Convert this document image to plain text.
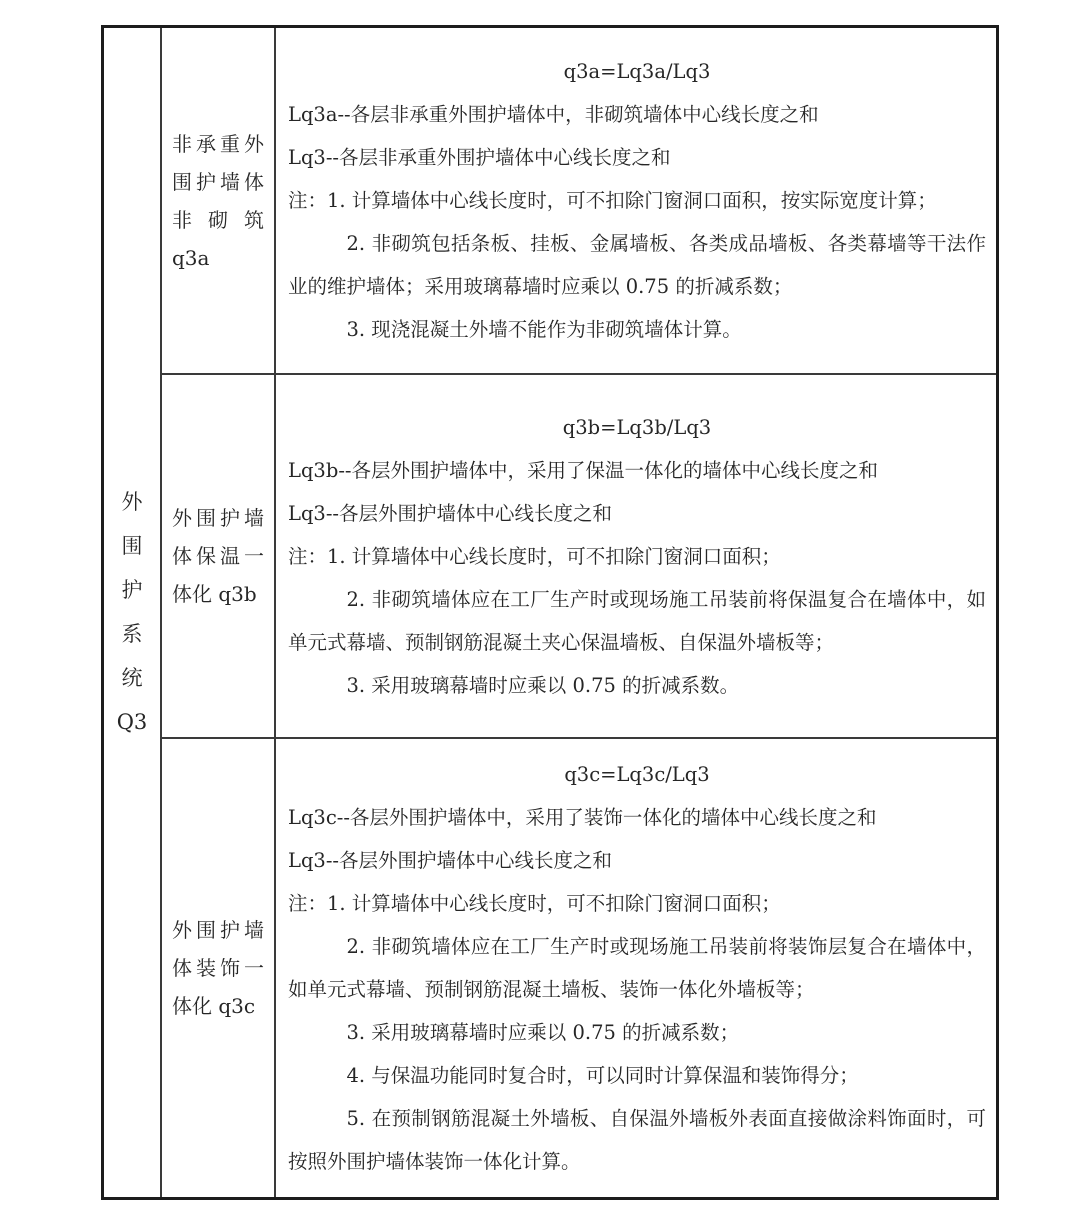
外
围
护
系
统
Q3
非承重外
围护墙体
非砌筑
q3a
q3a=Lq3a/Lq3
Lq3a--各层非承重外围护墙体中，非砌筑墙体中心线长度之和
Lq3--各层非承重外围护墙体中心线长度之和
注：1. 计算墙体中心线长度时，可不扣除门窗洞口面积，按实际宽度计算；
2. 非砌筑包括条板、挂板、金属墙板、各类成品墙板、各类幕墙等干法作业的维护墙体；采用玻璃幕墙时应乘以 0.75 的折减系数；
3. 现浇混凝土外墙不能作为非砌筑墙体计算。
外围护墙
体保温一
体化 q3b
q3b=Lq3b/Lq3
Lq3b--各层外围护墙体中，采用了保温一体化的墙体中心线长度之和
Lq3--各层外围护墙体中心线长度之和
注：1. 计算墙体中心线长度时，可不扣除门窗洞口面积；
2. 非砌筑墙体应在工厂生产时或现场施工吊装前将保温复合在墙体中，如单元式幕墙、预制钢筋混凝土夹心保温墙板、自保温外墙板等；
3. 采用玻璃幕墙时应乘以 0.75 的折减系数。
外围护墙
体装饰一
体化 q3c
q3c=Lq3c/Lq3
Lq3c--各层外围护墙体中，采用了装饰一体化的墙体中心线长度之和
Lq3--各层外围护墙体中心线长度之和
注：1. 计算墙体中心线长度时，可不扣除门窗洞口面积；
2. 非砌筑墙体应在工厂生产时或现场施工吊装前将装饰层复合在墙体中，如单元式幕墙、预制钢筋混凝土墙板、装饰一体化外墙板等；
3. 采用玻璃幕墙时应乘以 0.75 的折减系数；
4. 与保温功能同时复合时，可以同时计算保温和装饰得分；
5. 在预制钢筋混凝土外墙板、自保温外墙板外表面直接做涂料饰面时，可按照外围护墙体装饰一体化计算。
